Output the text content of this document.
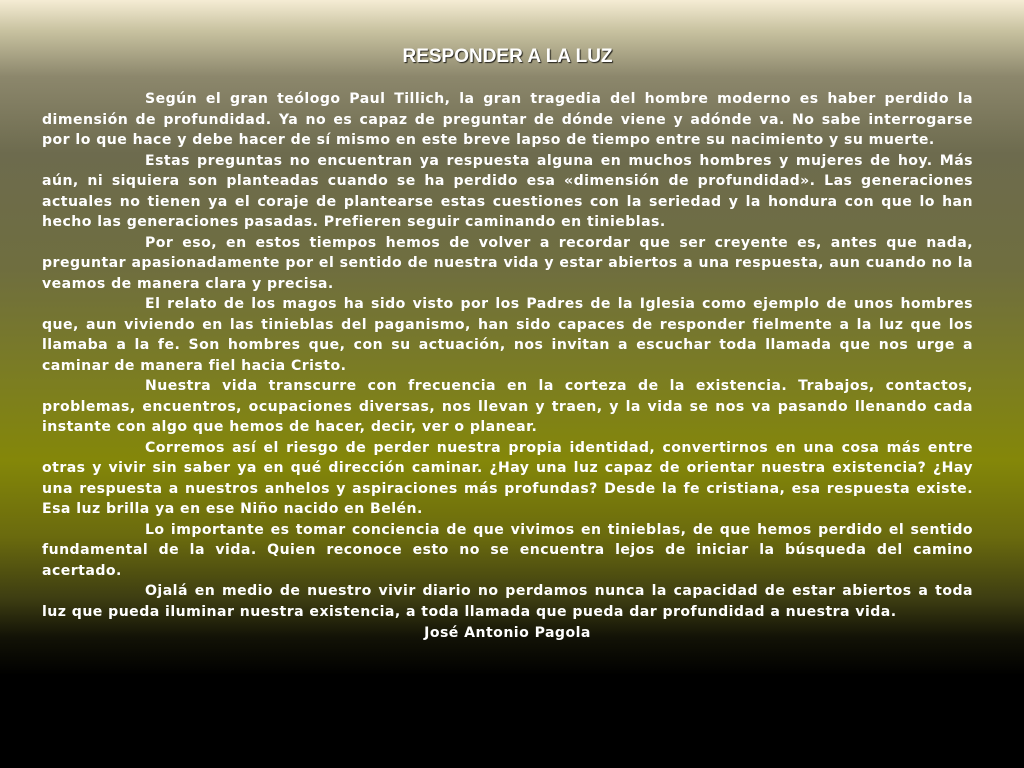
RESPONDER A LA LUZ

Según el gran teólogo Paul Tillich, la gran tragedia del hombre moderno es haber perdido la dimensión de profundidad. Ya no es capaz de preguntar de dónde viene y adónde va. No sabe interrogarse por lo que hace y debe hacer de sí mismo en este breve lapso de tiempo entre su nacimiento y su muerte.

Estas preguntas no encuentran ya respuesta alguna en muchos hombres y mujeres de hoy. Más aún, ni siquiera son planteadas cuando se ha perdido esa «dimensión de profundidad». Las generaciones actuales no tienen ya el coraje de plantearse estas cuestiones con la seriedad y la hondura con que lo han hecho las generaciones pasadas. Prefieren seguir caminando en tinieblas.

Por eso, en estos tiempos hemos de volver a recordar que ser creyente es, antes que nada, preguntar apasionadamente por el sentido de nuestra vida y estar abiertos a una respuesta, aun cuando no la veamos de manera clara y precisa.

El relato de los magos ha sido visto por los Padres de la Iglesia como ejemplo de unos hombres que, aun viviendo en las tinieblas del paganismo, han sido capaces de responder fielmente a la luz que los llamaba a la fe. Son hombres que, con su actuación, nos invitan a escuchar toda llamada que nos urge a caminar de manera fiel hacia Cristo.

Nuestra vida transcurre con frecuencia en la corteza de la existencia. Trabajos, contactos, problemas, encuentros, ocupaciones diversas, nos llevan y traen, y la vida se nos va pasando llenando cada instante con algo que hemos de hacer, decir, ver o planear.

Corremos así el riesgo de perder nuestra propia identidad, convertirnos en una cosa más entre otras y vivir sin saber ya en qué dirección caminar. ¿Hay una luz capaz de orientar nuestra existencia? ¿Hay una respuesta a nuestros anhelos y aspiraciones más profundas? Desde la fe cristiana, esa respuesta existe. Esa luz brilla ya en ese Niño nacido en Belén.

Lo importante es tomar conciencia de que vivimos en tinieblas, de que hemos perdido el sentido fundamental de la vida. Quien reconoce esto no se encuentra lejos de iniciar la búsqueda del camino acertado.

Ojalá en medio de nuestro vivir diario no perdamos nunca la capacidad de estar abiertos a toda luz que pueda iluminar nuestra existencia, a toda llamada que pueda dar profundidad a nuestra vida.

José Antonio Pagola
